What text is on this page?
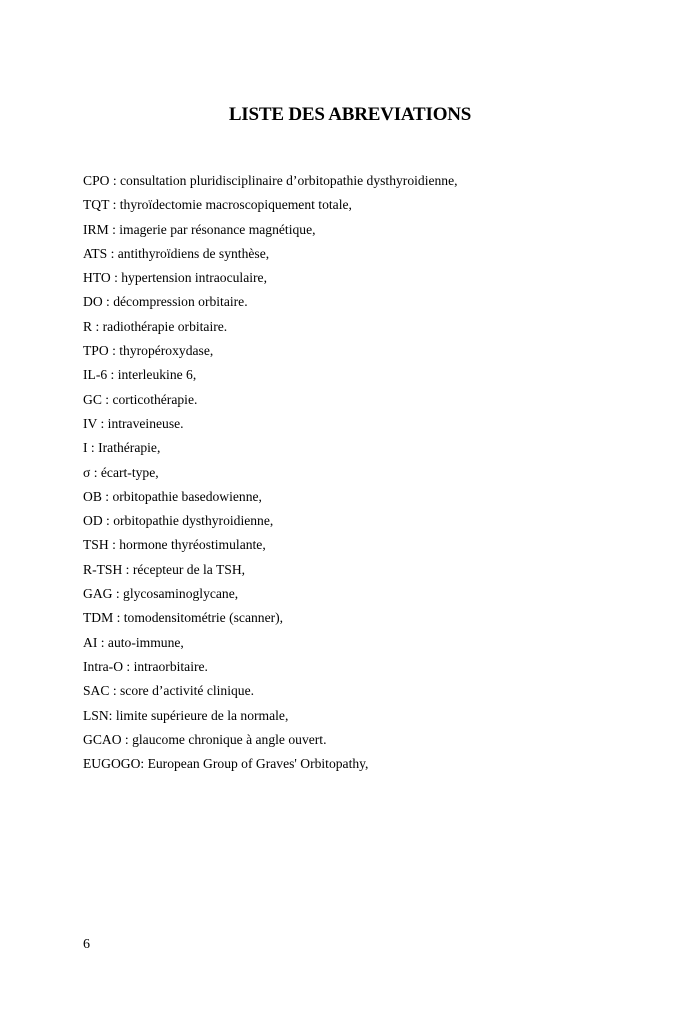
LISTE DES ABREVIATIONS
CPO : consultation pluridisciplinaire d’orbitopathie dysthyroidienne,
TQT : thyroïdectomie macroscopiquement totale,
IRM : imagerie par résonance magnétique,
ATS : antithyroïdiens de synthèse,
HTO : hypertension intraoculaire,
DO : décompression orbitaire.
R : radiothérapie orbitaire.
TPO : thyropéroxydase,
IL-6 : interleukine 6,
GC : corticothérapie.
IV : intraveineuse.
I : Irathérapie,
σ : écart-type,
OB : orbitopathie basedowienne,
OD : orbitopathie dysthyroidienne,
TSH : hormone thyréostimulante,
R-TSH : récepteur de la TSH,
GAG : glycosaminoglycane,
TDM : tomodensitométrie (scanner),
AI : auto-immune,
Intra-O : intraorbitaire.
SAC : score d’activité clinique.
LSN: limite supérieure de la normale,
GCAO : glaucome chronique à angle ouvert.
EUGOGO: European Group of Graves' Orbitopathy,

6
